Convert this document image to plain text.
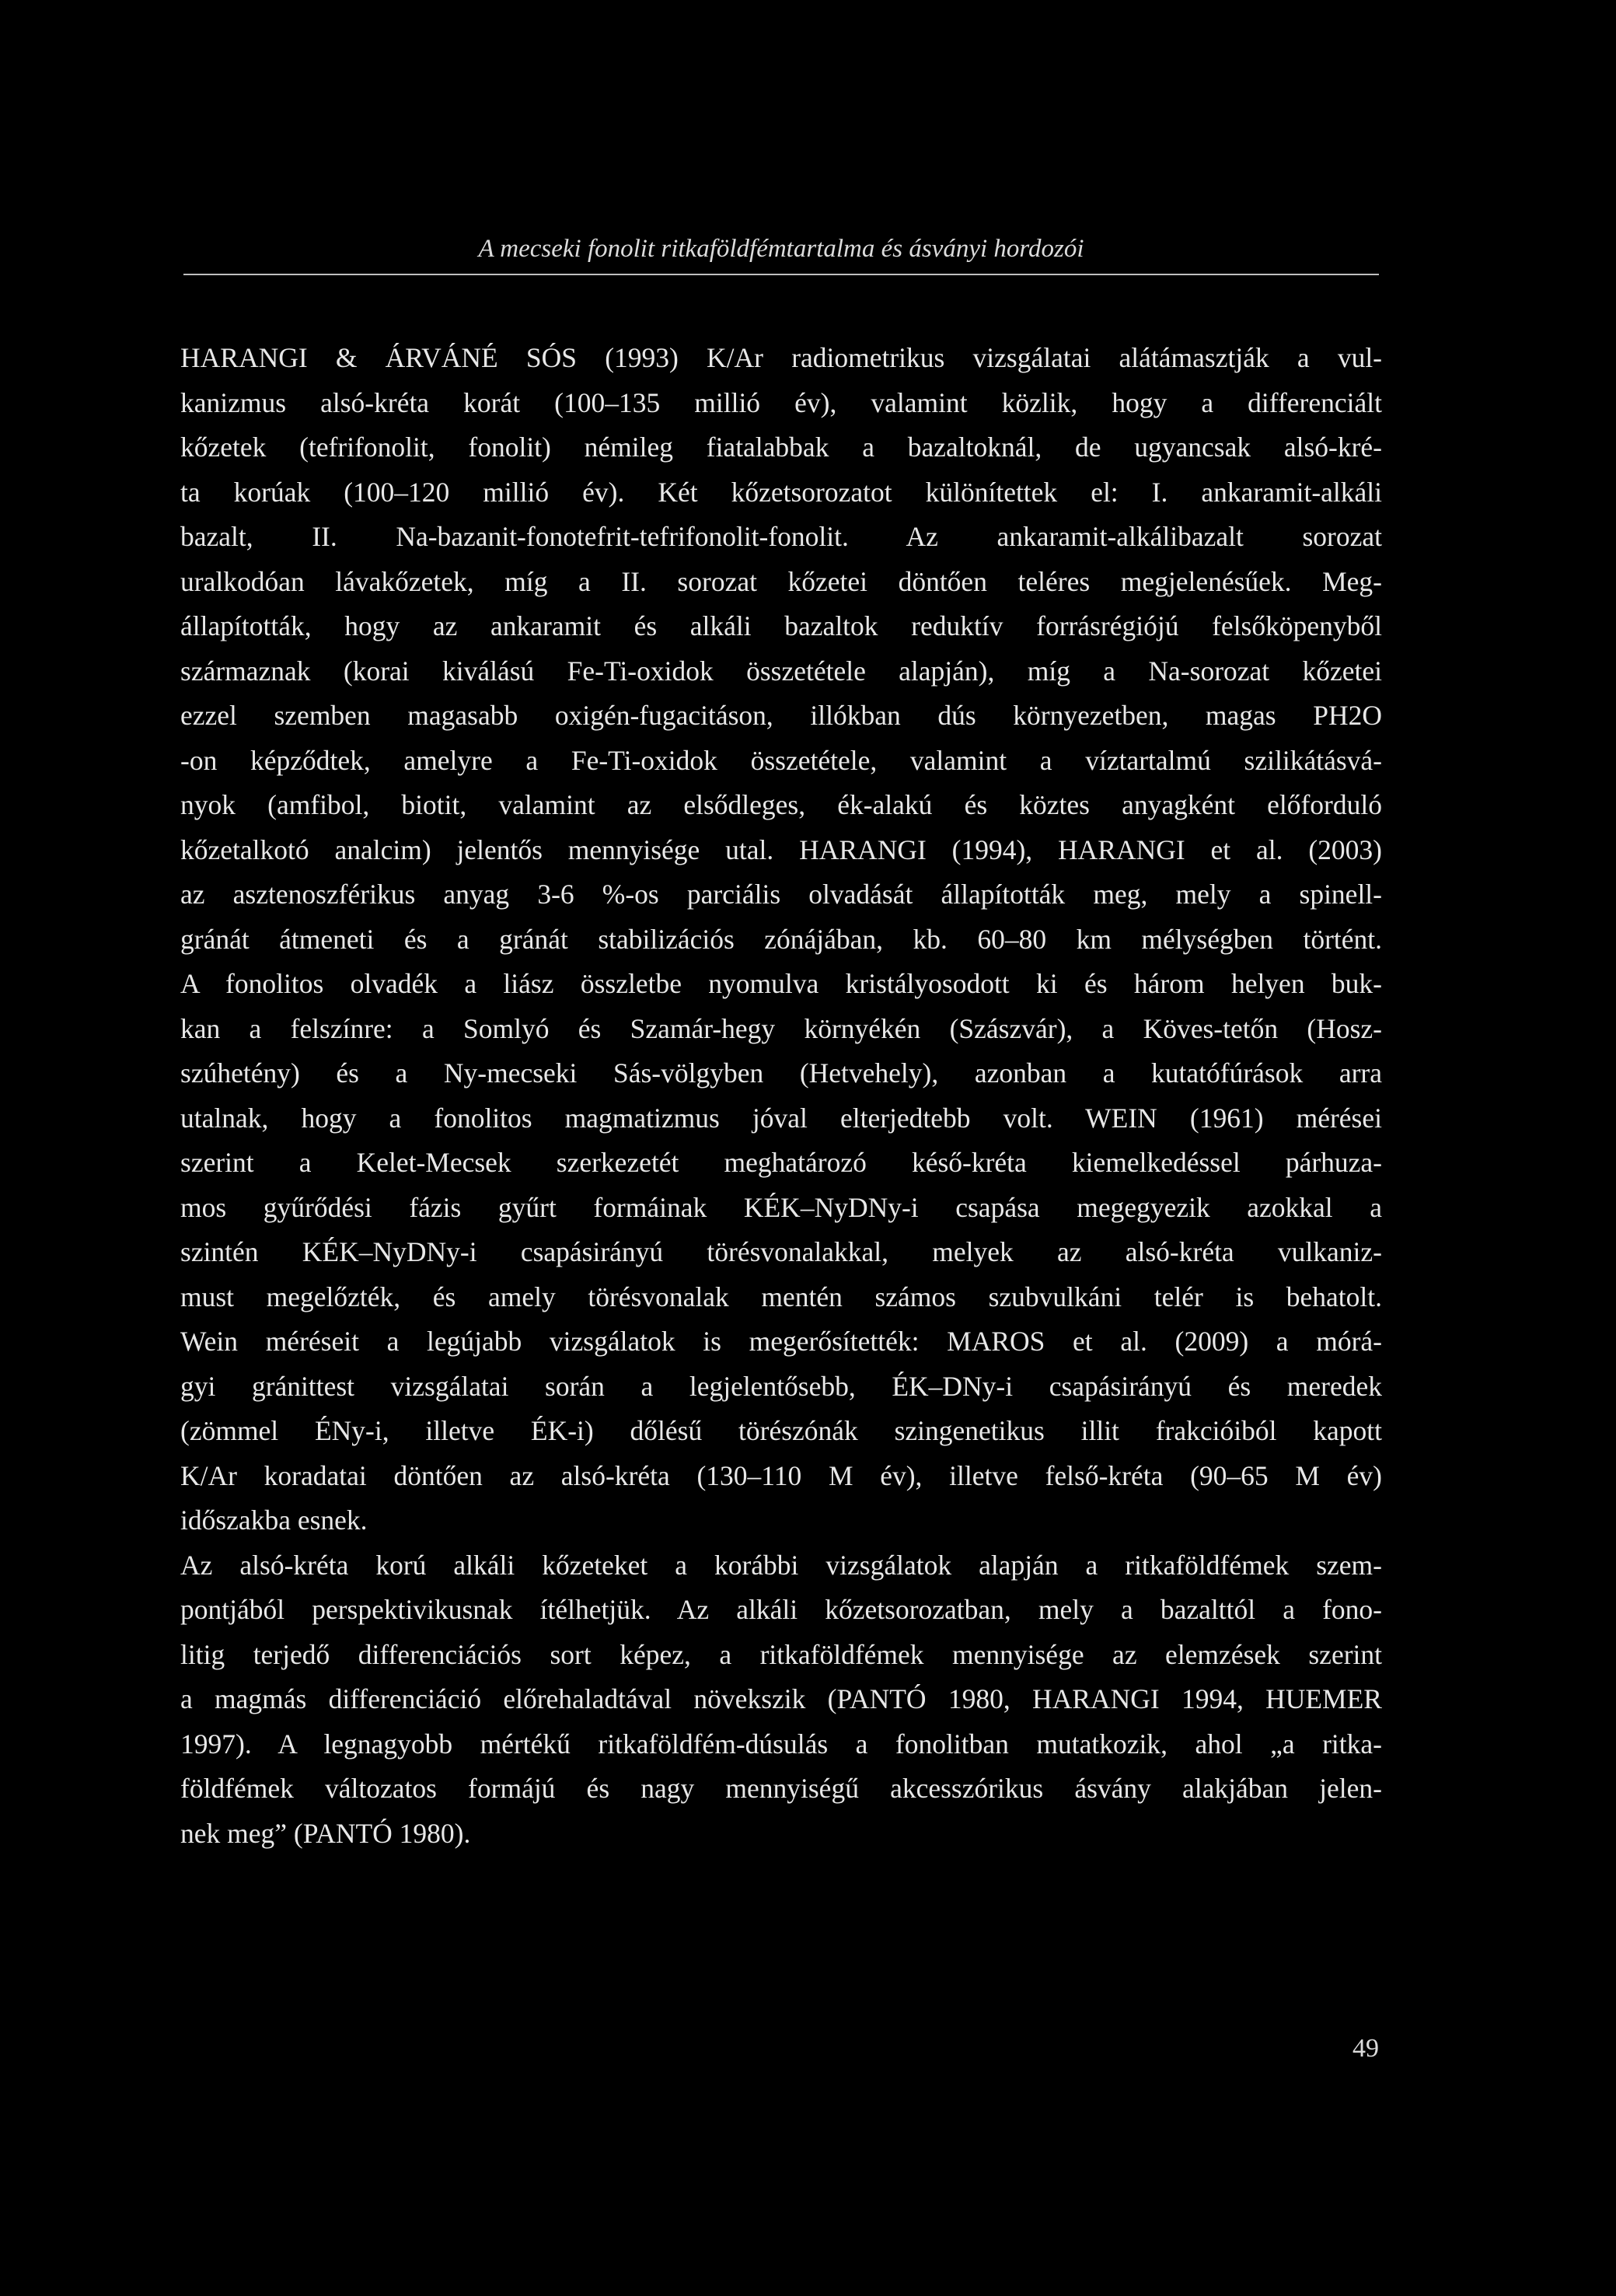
A mecseki fonolit ritkaföldfémtartalma és ásványi hordozói
HARANGI & ÁRVÁNÉ SÓS (1993) K/Ar radiometrikus vizsgálatai alátámasztják a vul-
kanizmus alsó-kréta korát (100–135 millió év), valamint közlik, hogy a differenciált
kőzetek (tefrifonolit, fonolit) némileg fiatalabbak a bazaltoknál, de ugyancsak alsó-kré-
ta korúak (100–120 millió év). Két kőzetsorozatot különítettek el: I. ankaramit-alkáli
bazalt, II. Na-bazanit-fonotefrit-tefrifonolit-fonolit. Az ankaramit-alkálibazalt sorozat
uralkodóan lávakőzetek, míg a II. sorozat kőzetei döntően teléres megjelenésűek. Meg-
állapították, hogy az ankaramit és alkáli bazaltok reduktív forrásrégiójú felsőköpenyből
származnak (korai kiválású Fe-Ti-oxidok összetétele alapján), míg a Na-sorozat kőzetei
ezzel szemben magasabb oxigén-fugacitáson, illókban dús környezetben, magas PH2O
-on képződtek, amelyre a Fe-Ti-oxidok összetétele, valamint a víztartalmú szilikátásvá-
nyok (amfibol, biotit, valamint az elsődleges, ék-alakú és köztes anyagként előforduló
kőzetalkotó analcim) jelentős mennyisége utal. HARANGI (1994), HARANGI et al. (2003)
az asztenoszférikus anyag 3-6 %-os parciális olvadását állapították meg, mely a spinell-
gránát átmeneti és a gránát stabilizációs zónájában, kb. 60–80 km mélységben történt.
A fonolitos olvadék a liász összletbe nyomulva kristályosodott ki és három helyen buk-
kan a felszínre: a Somlyó és Szamár-hegy környékén (Szászvár), a Köves-tetőn (Hosz-
szúhetény) és a Ny-mecseki Sás-völgyben (Hetvehely), azonban a kutatófúrások arra
utalnak, hogy a fonolitos magmatizmus jóval elterjedtebb volt. WEIN (1961) mérései
szerint a Kelet-Mecsek szerkezetét meghatározó késő-kréta kiemelkedéssel párhuza-
mos gyűrődési fázis gyűrt formáinak KÉK–NyDNy-i csapása megegyezik azokkal a
szintén KÉK–NyDNy-i csapásirányú törésvonalakkal, melyek az alsó-kréta vulkaniz-
must megelőzték, és amely törésvonalak mentén számos szubvulkáni telér is behatolt.
Wein méréseit a legújabb vizsgálatok is megerősítették: MAROS et al. (2009) a mórá-
gyi gránittest vizsgálatai során a legjelentősebb, ÉK–DNy-i csapásirányú és meredek
(zömmel ÉNy-i, illetve ÉK-i) dőlésű törészónák szingenetikus illit frakcióiból kapott
K/Ar koradatai döntően az alsó-kréta (130–110 M év), illetve felső-kréta (90–65 M év)
időszakba esnek.
Az alsó-kréta korú alkáli kőzeteket a korábbi vizsgálatok alapján a ritkaföldfémek szem-
pontjából perspektivikusnak ítélhetjük. Az alkáli kőzetsorozatban, mely a bazalttól a fono-
litig terjedő differenciációs sort képez, a ritkaföldfémek mennyisége az elemzések szerint
a magmás differenciáció előrehaladtával növekszik (PANTÓ 1980, HARANGI 1994, HUEMER
1997). A legnagyobb mértékű ritkaföldfém-dúsulás a fonolitban mutatkozik, ahol „a ritka-
földfémek változatos formájú és nagy mennyiségű akcesszórikus ásvány alakjában jelen-
nek meg” (PANTÓ 1980).
49
